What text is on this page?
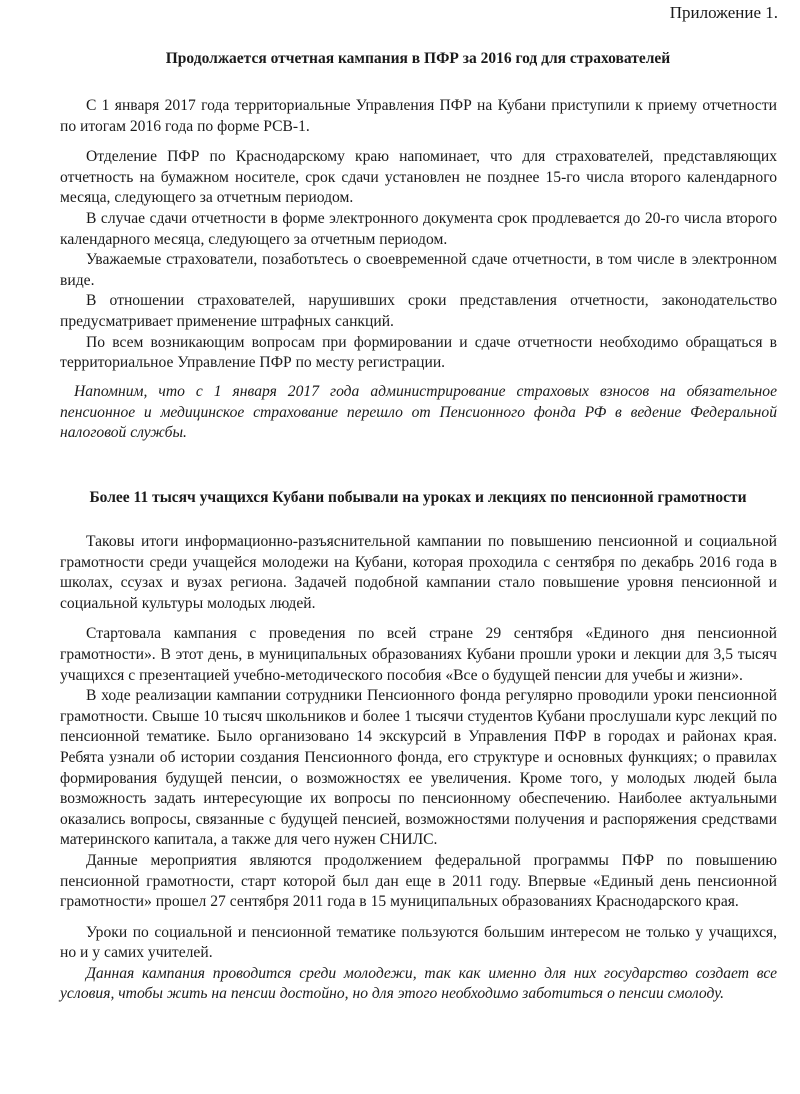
Приложение 1.

Продолжается отчетная кампания в ПФР за 2016 год для страхователей

С 1 января 2017 года территориальные Управления ПФР на Кубани приступили к приему отчетности по итогам 2016 года по форме РСВ-1.

Отделение ПФР по Краснодарскому краю напоминает, что для страхователей, представляющих отчетность на бумажном носителе, срок сдачи установлен не позднее 15-го числа второго календарного месяца, следующего за отчетным периодом.

В случае сдачи отчетности в форме электронного документа срок продлевается до 20-го числа второго календарного месяца, следующего за отчетным периодом.

Уважаемые страхователи, позаботьтесь о своевременной сдаче отчетности, в том числе в электронном виде.

В отношении страхователей, нарушивших сроки представления отчетности, законодательство предусматривает применение штрафных санкций.

По всем возникающим вопросам при формировании и сдаче отчетности необходимо обращаться в территориальное Управление ПФР по месту регистрации.

Напомним, что с 1 января 2017 года администрирование страховых взносов на обязательное пенсионное и медицинское страхование перешло от Пенсионного фонда РФ в ведение Федеральной налоговой службы.

Более 11 тысяч учащихся Кубани побывали на уроках и лекциях по пенсионной грамотности

Таковы итоги информационно-разъяснительной кампании по повышению пенсионной и социальной грамотности среди учащейся молодежи на Кубани, которая проходила с сентября по декабрь 2016 года в школах, ссузах и вузах региона. Задачей подобной кампании стало повышение уровня пенсионной и социальной культуры молодых людей.

Стартовала кампания с проведения по всей стране 29 сентября «Единого дня пенсионной грамотности». В этот день, в муниципальных образованиях Кубани прошли уроки и лекции для 3,5 тысяч учащихся с презентацией учебно-методического пособия «Все о будущей пенсии для учебы и жизни».

В ходе реализации кампании сотрудники Пенсионного фонда регулярно проводили уроки пенсионной грамотности. Свыше 10 тысяч школьников и более 1 тысячи студентов Кубани прослушали курс лекций по пенсионной тематике. Было организовано 14 экскурсий в Управления ПФР в городах и районах края. Ребята узнали об истории создания Пенсионного фонда, его структуре и основных функциях; о правилах формирования будущей пенсии, о возможностях ее увеличения. Кроме того, у молодых людей была возможность задать интересующие их вопросы по пенсионному обеспечению. Наиболее актуальными оказались вопросы, связанные с будущей пенсией, возможностями получения и распоряжения средствами материнского капитала, а также для чего нужен СНИЛС.

Данные мероприятия являются продолжением федеральной программы ПФР по повышению пенсионной грамотности, старт которой был дан еще в 2011 году. Впервые «Единый день пенсионной грамотности» прошел 27 сентября 2011 года в 15 муниципальных образованиях Краснодарского края.

Уроки по социальной и пенсионной тематике пользуются большим интересом не только у учащихся, но и у самих учителей.

Данная кампания проводится среди молодежи, так как именно для них государство создает все условия, чтобы жить на пенсии достойно, но для этого необходимо заботиться о пенсии смолоду.
